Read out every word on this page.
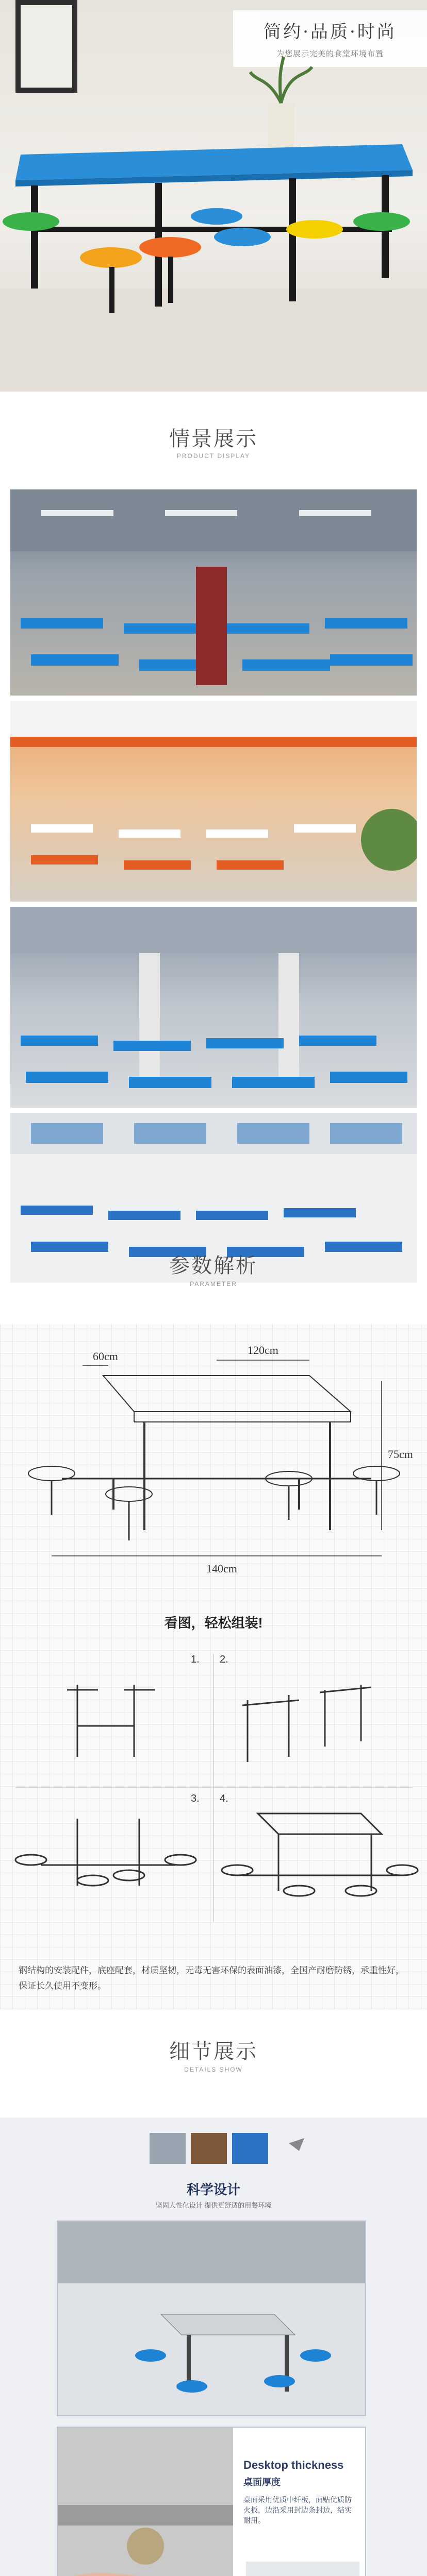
简约·品质·时尚
为您展示完美的食堂环境布置
情景展示
PRODUCT DISPLAY
参数解析
PARAMETER
60cm	120cm
75cm
140cm
看图，轻松组装!
1. 2.
3. 4.
钢结构的安装配件，底座配套，材质坚韧，无毒无害环保的表面油漆，全国产耐磨防锈，承重性好，保证长久使用不变形。
细节展示
DETAILS SHOW
科学设计
坚固人性化设计 提供更舒适的用餐环境
Desktop thickness
桌面厚度
桌面采用优质中纤板，面贴优质防火板，边沿采用封边条封边，结实耐用。
